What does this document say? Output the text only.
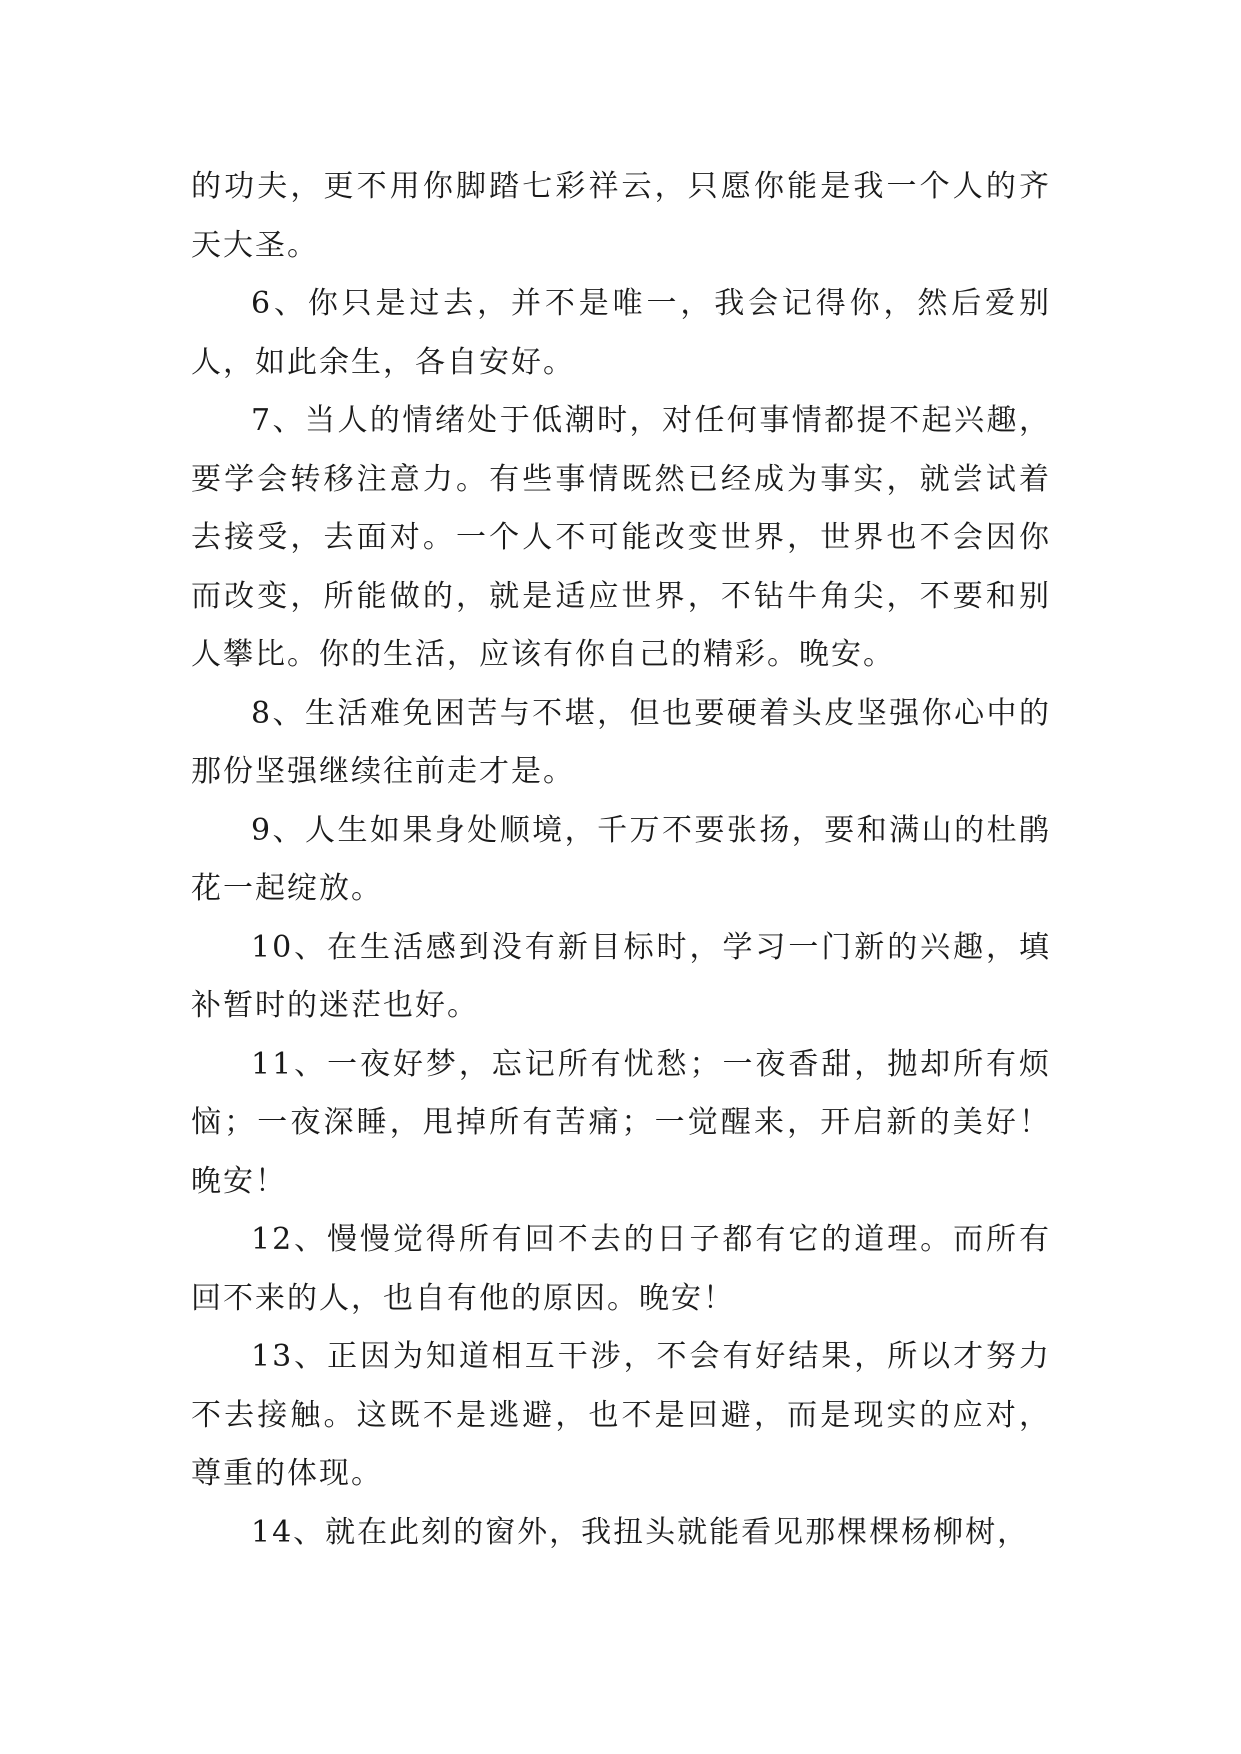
的功夫，更不用你脚踏七彩祥云，只愿你能是我一个人的齐天大圣。

6、你只是过去，并不是唯一，我会记得你，然后爱别人，如此余生，各自安好。

7、当人的情绪处于低潮时，对任何事情都提不起兴趣，要学会转移注意力。有些事情既然已经成为事实，就尝试着去接受，去面对。一个人不可能改变世界，世界也不会因你而改变，所能做的，就是适应世界，不钻牛角尖，不要和别人攀比。你的生活，应该有你自己的精彩。晚安。

8、生活难免困苦与不堪，但也要硬着头皮坚强你心中的那份坚强继续往前走才是。

9、人生如果身处顺境，千万不要张扬，要和满山的杜鹃花一起绽放。

10、在生活感到没有新目标时，学习一门新的兴趣，填补暂时的迷茫也好。

11、一夜好梦，忘记所有忧愁；一夜香甜，抛却所有烦恼；一夜深睡，甩掉所有苦痛；一觉醒来，开启新的美好！晚安！

12、慢慢觉得所有回不去的日子都有它的道理。而所有回不来的人，也自有他的原因。晚安！

13、正因为知道相互干涉，不会有好结果，所以才努力不去接触。这既不是逃避，也不是回避，而是现实的应对，尊重的体现。

14、就在此刻的窗外，我扭头就能看见那棵棵杨柳树，
